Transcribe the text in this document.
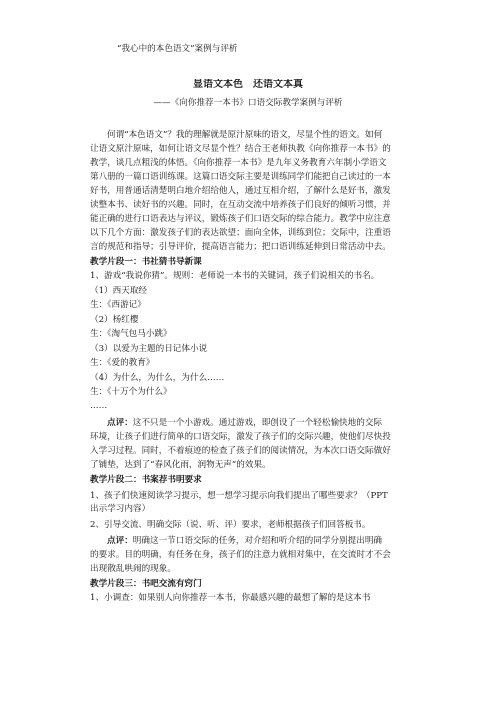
“我心中的本色语文”案例与评析
显语文本色　还语文本真
——《向你推荐一本书》口语交际教学案例与评析
何谓“本色语文”？我的理解就是原汁原味的语文，尽显个性的语文。如何
让语文原汁原味，如何让语文尽显个性？结合王老师执教《向你推荐一本书》的
教学，谈几点粗浅的体悟。《向你推荐一本书》是九年义务教育六年制小学语文
第八册的一篇口语训练课。这篇口语交际主要是训练同学们能把自己读过的一本
好书，用普通话清楚明白地介绍给他人，通过互相介绍，了解什么是好书，激发
读整本书、读好书的兴趣。同时，在互动交流中培养孩子们良好的倾听习惯，并
能正确的进行口语表达与评议，锻炼孩子们口语交际的综合能力。教学中应注意
以下几个方面：激发孩子们的表达欲望；面向全体，训练到位；交际中，注重语
言的规范和指导；引导评价，提高语言能力；把口语训练延伸到日常活动中去。
教学片段一：书社猜书导新课
1、游戏“我说你猜”。规则：老师说一本书的关键词，孩子们说相关的书名。
（1）西天取经
生：《西游记》
（2）杨红樱
生：《淘气包马小跳》
（3）以爱为主题的日记体小说
生：《爱的教育》
（4）为什么，为什么，为什么……
生：《十万个为什么》
……
点评：这不只是一个小游戏。通过游戏，即创设了一个轻松愉快地的交际
环境，让孩子们进行简单的口语交际，激发了孩子们的交际兴趣，使他们尽快投
入学习过程。同时，不着痕迹的检查了孩子们的阅读情况，为本次口语交际做好
了铺垫，达到了“春风化雨，润物无声”的效果。
教学片段二：书案荐书明要求
1、孩子们快速阅读学习提示，想一想学习提示向我们提出了哪些要求？（PPT
出示学习内容）
2、引导交流、明确交际（说、听、评）要求，老师根据孩子们回答板书。
点评：明确这一节口语交际的任务，对介绍和听介绍的同学分别提出明确
的要求。目的明确，有任务在身，孩子们的注意力就相对集中，在交流时才不会
出现散乱哄闹的现象。
教学片段三：书吧交流有窍门
1、小调查：如果别人向你推荐一本书，你最感兴趣的最想了解的是这本书
